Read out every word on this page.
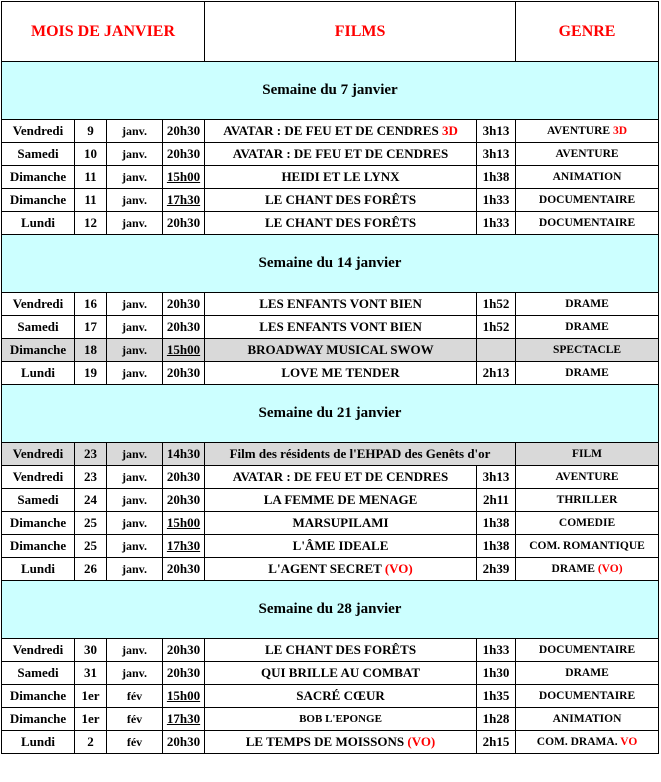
MOIS DE JANVIER				FILMS		GENRE
Semaine du 7 janvier						
Vendredi	9	janv.	20h30	AVATAR : DE FEU ET DE CENDRES 3D	3h13	AVENTURE 3D
Samedi	10	janv.	20h30	AVATAR : DE FEU ET DE CENDRES	3h13	AVENTURE
Dimanche	11	janv.	15h00	HEIDI ET LE LYNX	1h38	ANIMATION
Dimanche	11	janv.	17h30	LE CHANT DES FORÊTS	1h33	DOCUMENTAIRE
Lundi	12	janv.	20h30	LE CHANT DES FORÊTS	1h33	DOCUMENTAIRE
Semaine du 14 janvier						
Vendredi	16	janv.	20h30	LES ENFANTS VONT BIEN	1h52	DRAME
Samedi	17	janv.	20h30	LES ENFANTS VONT BIEN	1h52	DRAME
Dimanche	18	janv.	15h00	BROADWAY MUSICAL SWOW		SPECTACLE
Lundi	19	janv.	20h30	LOVE ME TENDER	2h13	DRAME
Semaine du 21 janvier						
Vendredi	23	janv.	14h30	Film des résidents de l'EHPAD des Genêts d'or		FILM
Vendredi	23	janv.	20h30	AVATAR : DE FEU ET DE CENDRES	3h13	AVENTURE
Samedi	24	janv.	20h30	LA FEMME DE MENAGE	2h11	THRILLER
Dimanche	25	janv.	15h00	MARSUPILAMI	1h38	COMEDIE
Dimanche	25	janv.	17h30	L'ÂME IDEALE	1h38	COM. ROMANTIQUE
Lundi	26	janv.	20h30	L'AGENT SECRET (VO)	2h39	DRAME (VO)
Semaine du 28 janvier						
Vendredi	30	janv.	20h30	LE CHANT DES FORÊTS	1h33	DOCUMENTAIRE
Samedi	31	janv.	20h30	QUI BRILLE AU COMBAT	1h30	DRAME
Dimanche	1er	fév	15h00	SACRÉ CŒUR	1h35	DOCUMENTAIRE
Dimanche	1er	fév	17h30	BOB L'EPONGE	1h28	ANIMATION
Lundi	2	fév	20h30	LE TEMPS DE MOISSONS (VO)	2h15	COM. DRAMA. VO
